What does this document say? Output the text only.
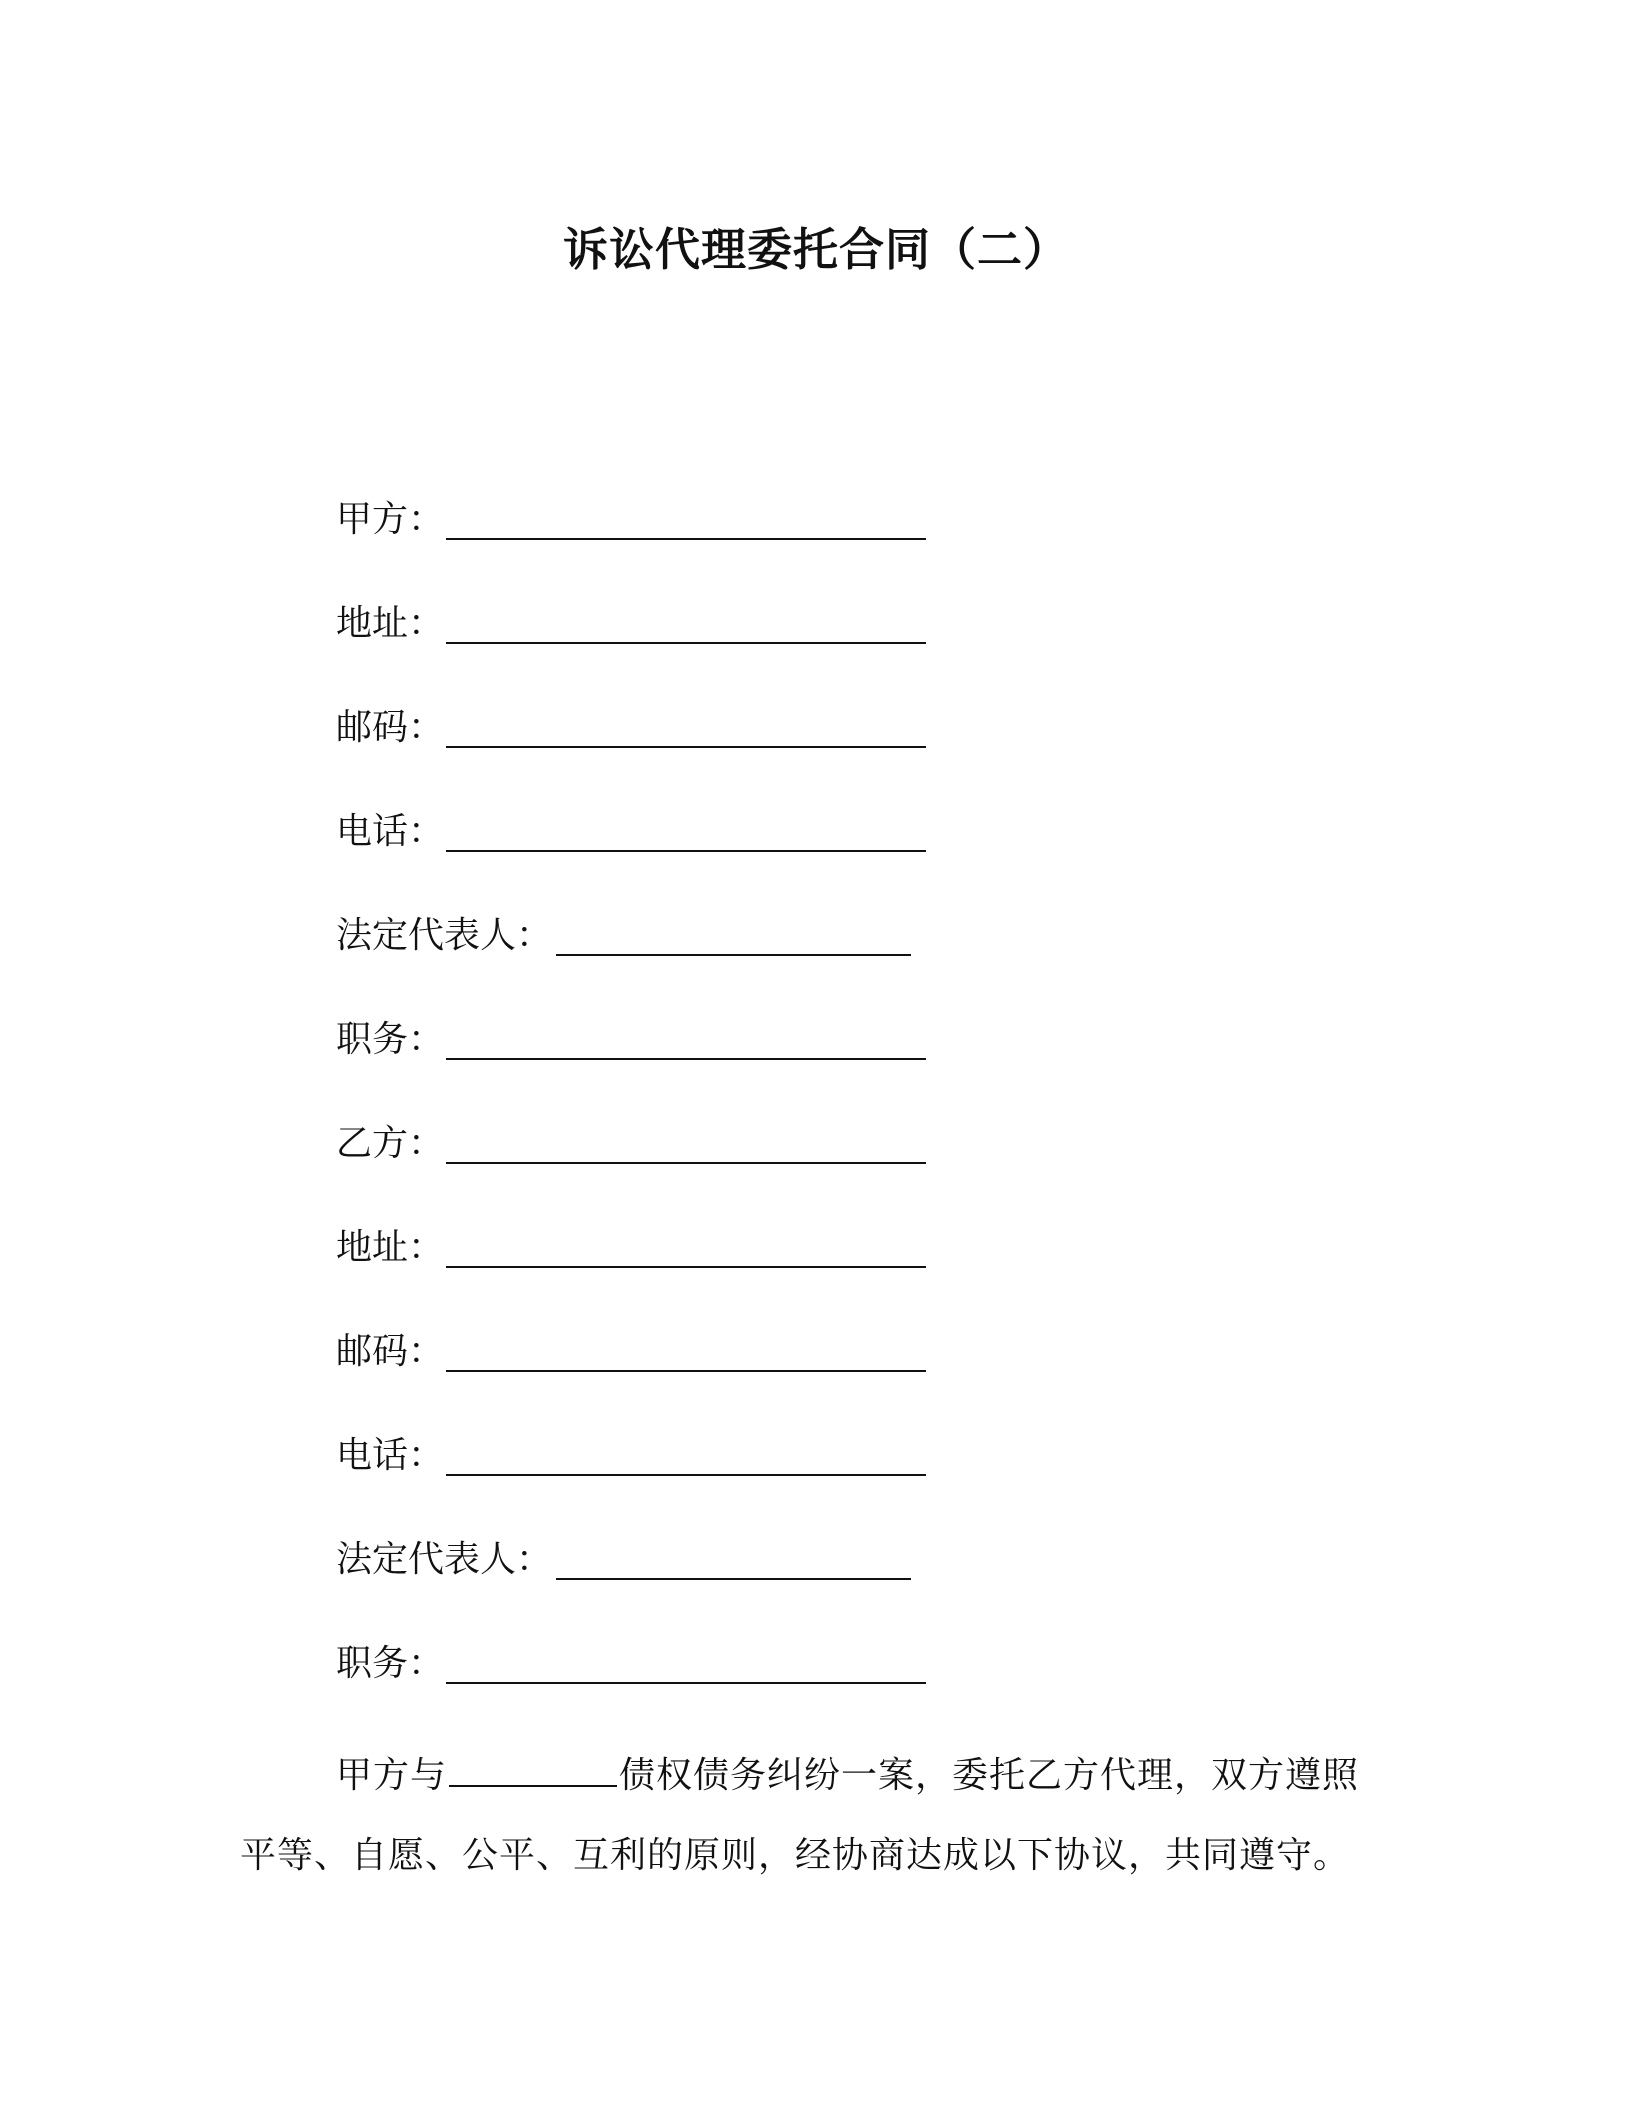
诉讼代理委托合同（二）
甲方：
地址：
邮码：
电话：
法定代表人：
职务：
乙方：
地址：
邮码：
电话：
法定代表人：
职务：
甲方与	债权债务纠纷一案，委托乙方代理，双方遵照平等、自愿、公平、互利的原则，经协商达成以下协议，共同遵守。
